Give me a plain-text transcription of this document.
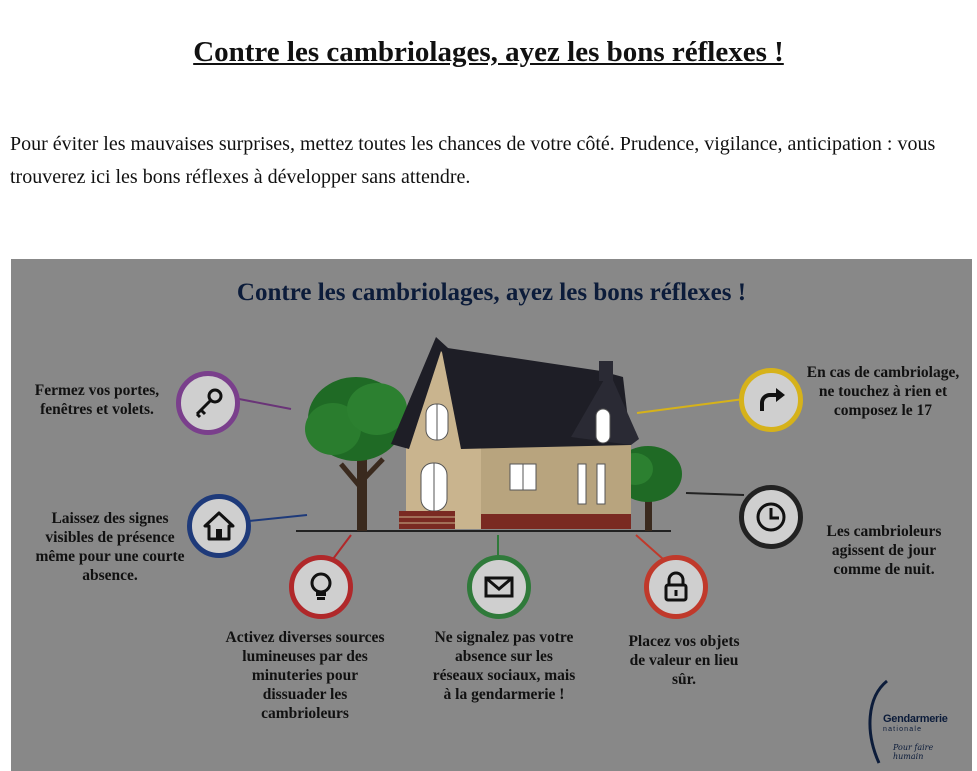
Contre les cambriolages, ayez les bons réflexes !

Pour éviter les mauvaises surprises, mettez toutes les chances de votre côté. Prudence, vigilance, anticipation : vous trouverez ici les bons réflexes à développer sans attendre.

Contre les cambriolages, ayez les bons réflexes !
Fermez vos portes, fenêtres et volets.
Laissez des signes visibles de présence même pour une courte absence.
Activez diverses sources lumineuses par des minuteries pour dissuader les cambrioleurs
Ne signalez pas votre absence sur les réseaux sociaux, mais à la gendarmerie !
Placez vos objets de valeur en lieu sûr.
En cas de cambriolage, ne touchez à rien et composez le 17
Les cambrioleurs agissent de jour comme de nuit.
Gendarmerie
nationale
Pour faire humain
